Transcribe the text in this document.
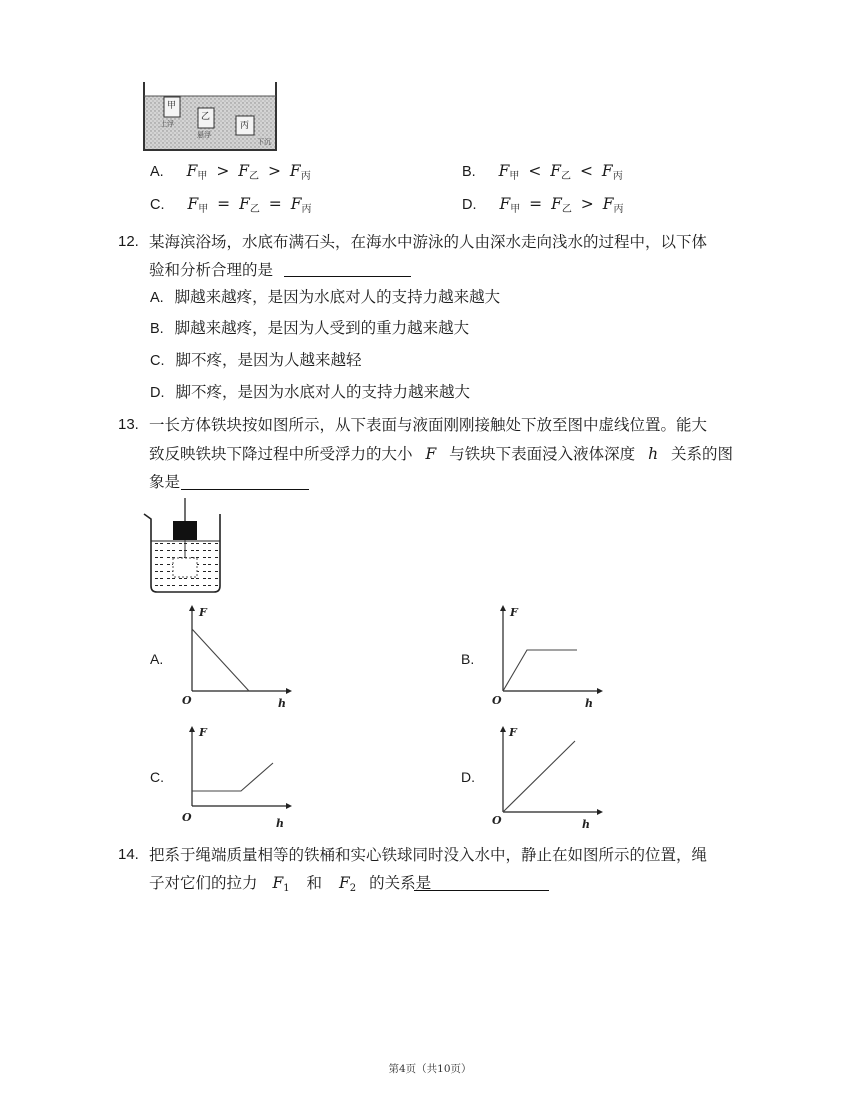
甲
乙
丙
上浮
悬浮
下沉
A. $F_甲 > F_乙 > F_丙$	B. $F_甲 < F_乙 < F_丙$
C. $F_甲 = F_乙 = F_丙$	D. $F_甲 = F_乙 > F_丙$
12. 某海滨浴场，水底布满石头，在海水中游泳的人由深水走向浅水的过程中，以下体
验和分析合理的是
A. 脚越来越疼，是因为水底对人的支持力越来越大
B. 脚越来越疼，是因为人受到的重力越来越大
C. 脚不疼，是因为人越来越轻
D. 脚不疼，是因为水底对人的支持力越来越大
13. 一长方体铁块按如图所示，从下表面与液面刚刚接触处下放至图中虚线位置。能大
致反映铁块下降过程中所受浮力的大小 F 与铁块下表面浸入液体深度 h 关系的图
象是
A.
F
h
O
B.
F
h
O
C.
F
h
O
D.
F
h
O
14. 把系于绳端质量相等的铁桶和实心铁球同时没入水中，静止在如图所示的位置，绳
子对它们的拉力 $F_1$ 和 $F_2$ 的关系是
第4页（共10页）
